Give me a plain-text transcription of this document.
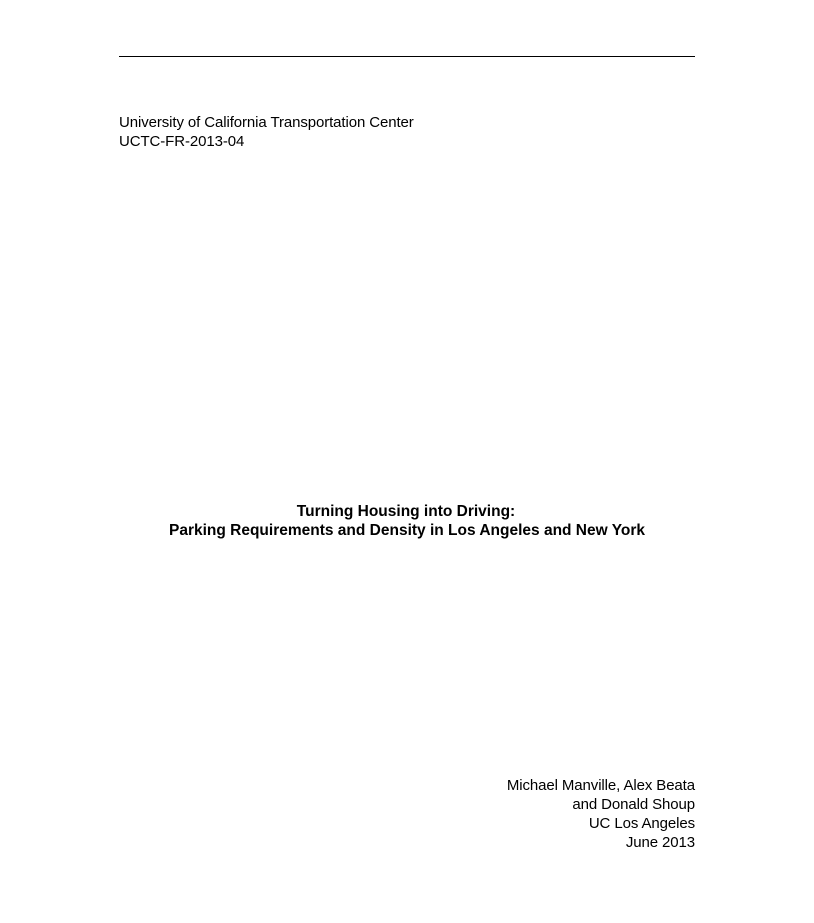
University of California Transportation Center
UCTC-FR-2013-04
Turning Housing into Driving:
Parking Requirements and Density in Los Angeles and New York
Michael Manville, Alex Beata
and Donald Shoup
UC Los Angeles
June 2013
